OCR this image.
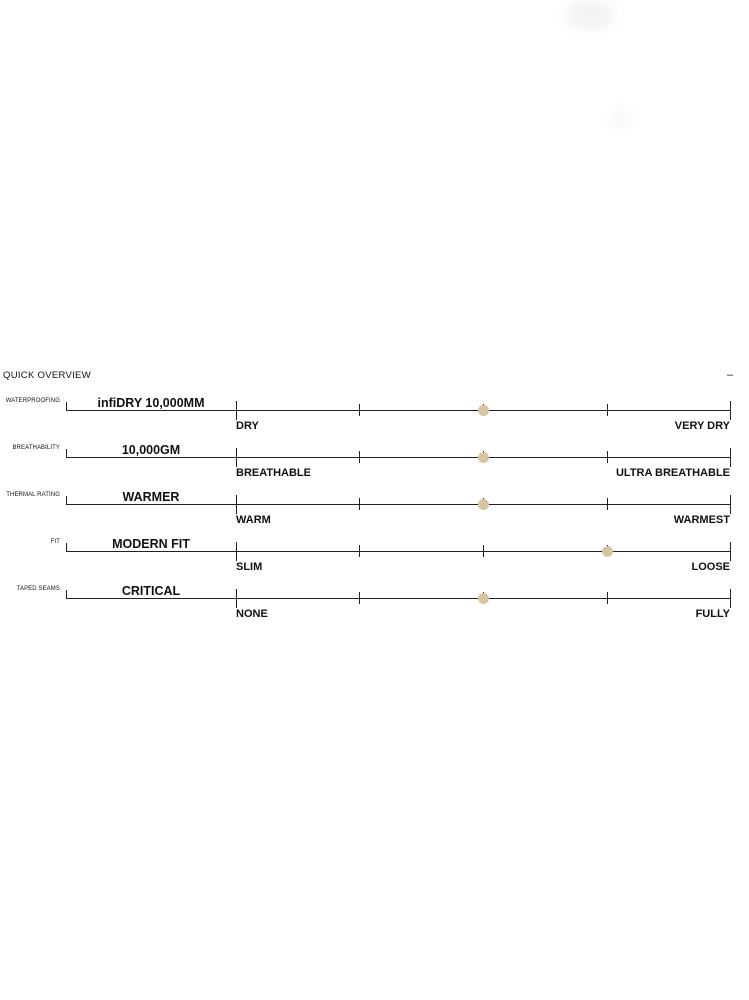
QUICK OVERVIEW	–
WATERPROOFING	infiDRY 10,000MM
DRY	VERY DRY
BREATHABILITY	10,000GM
BREATHABLE	ULTRA BREATHABLE
THERMAL RATING	WARMER
WARM	WARMEST
FIT	MODERN FIT
SLIM	LOOSE
TAPED SEAMS	CRITICAL
NONE	FULLY
